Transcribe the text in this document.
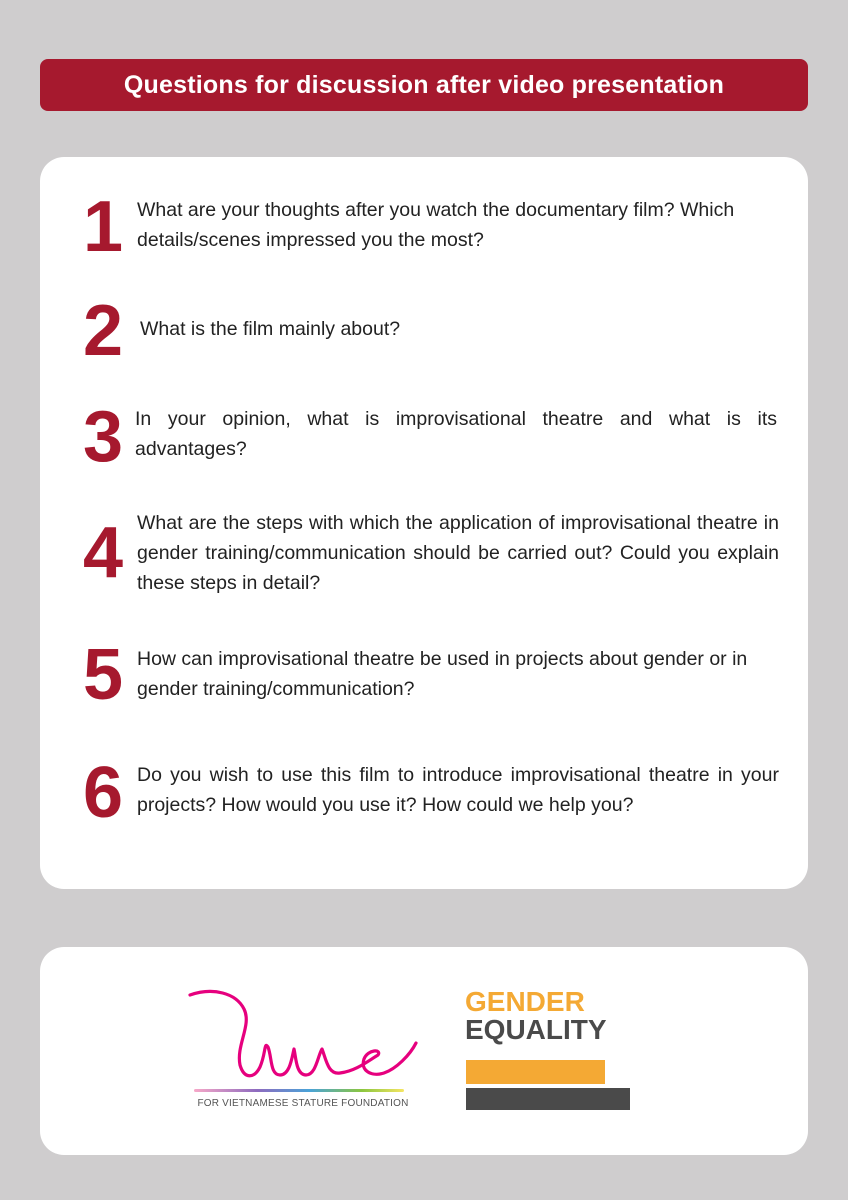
Questions for discussion after video presentation
1 What are your thoughts after you watch the documentary film? Which details/scenes impressed you the most?
2 What is the film mainly about?
3 In your opinion, what is improvisational theatre and what is its advantages?
4 What are the steps with which the application of improvisational theatre in gender training/communication should be carried out? Could you explain these steps in detail?
5 How can improvisational theatre be used in projects about gender or in gender training/communication?
6 Do you wish to use this film to introduce improvisational theatre in your projects? How would you use it? How could we help you?
FOR VIETNAMESE STATURE FOUNDATION
GENDER
EQUALITY
